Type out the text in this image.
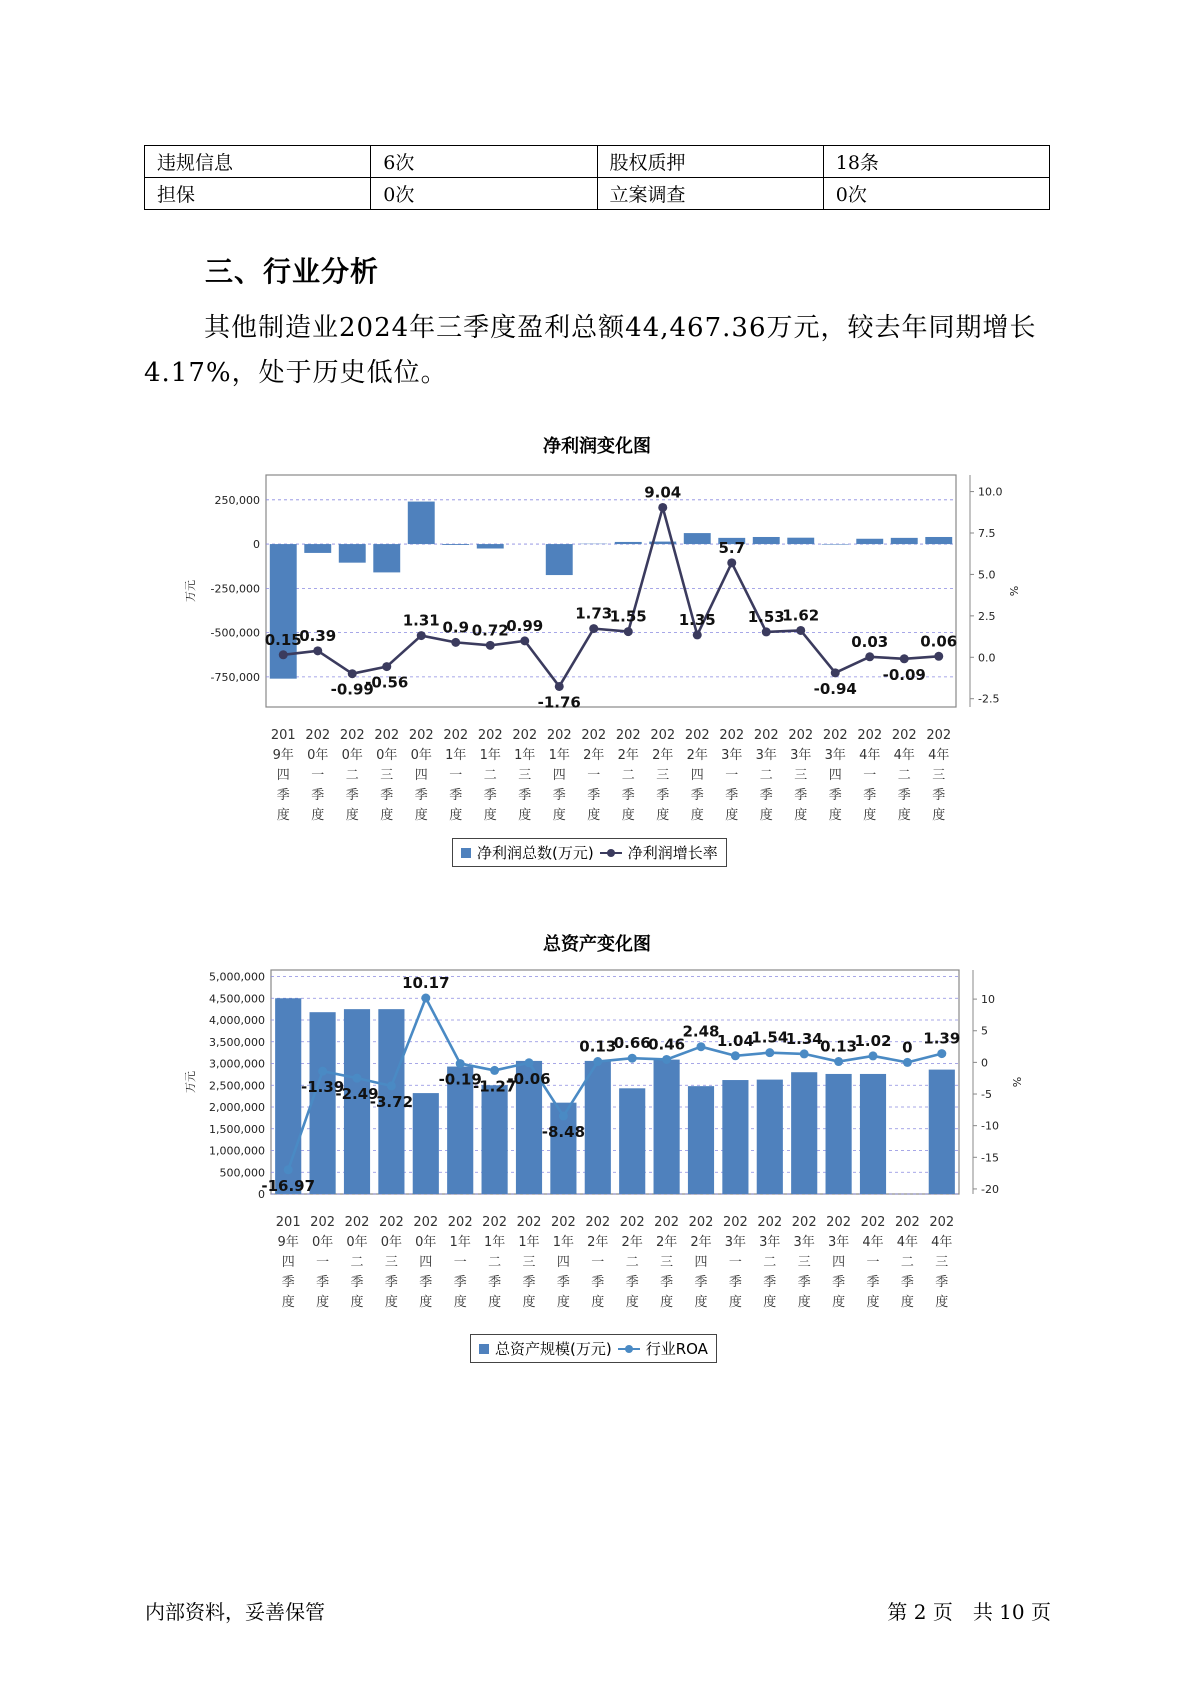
违规信息	6次	股权质押	18条
担保	0次	立案调查	0次
三、行业分析

其他制造业2024年三季度盈利总额44,467.36万元，较去年同期增长4.17%，处于历史低位。

净利润变化图
250,000
0
-250,000
-500,000
-750,000
10.0
7.5
5.0
2.5
0.0
-2.5
万元	%
0.15
0.39
-0.99
-0.56
1.31 0.9 0.72
0.99
-1.76
1.73
1.55
9.04
1.35
5.7
1.53
1.62
-0.94
0.03
-0.09
0.06
201 9年四季度
202 0年一季度
202 0年二季度
202 0年三季度
202 0年四季度
202 1年一季度
202 1年二季度
202 1年三季度
202 1年四季度
202 2年一季度
202 2年二季度
202 2年三季度
202 2年四季度
202 3年一季度
202 3年二季度
202 3年三季度
202 3年四季度
202 4年一季度
202 4年二季度
202 4年三季度
净利润总数(万元) 净利润增长率
总资产变化图
5,000,000
4,500,000
4,000,000
3,500,000
3,000,000
2,500,000
2,000,000
1,500,000
1,000,000
500,000
0
10
5
0
-5
-10
-15
-20
万元	%
-16.97
-1.39
-2.49
-3.72
10.17
-0.19
-1.27
-0.06
-8.48
0.13
0.66
0.46
2.48
1.04
1.54
1.34
0.13
1.02 0 1.39
201 9年四季度
202 0年一季度
202 0年二季度
202 0年三季度
202 0年四季度
202 1年一季度
202 1年二季度
202 1年三季度
202 1年四季度
202 2年一季度
202 2年二季度
202 2年三季度
202 2年四季度
202 3年一季度
202 3年二季度
202 3年三季度
202 3年四季度
202 4年一季度
202 4年二季度
202 4年三季度
总资产规模(万元) 行业ROA
内部资料，妥善保管	第 2 页　共 10 页
